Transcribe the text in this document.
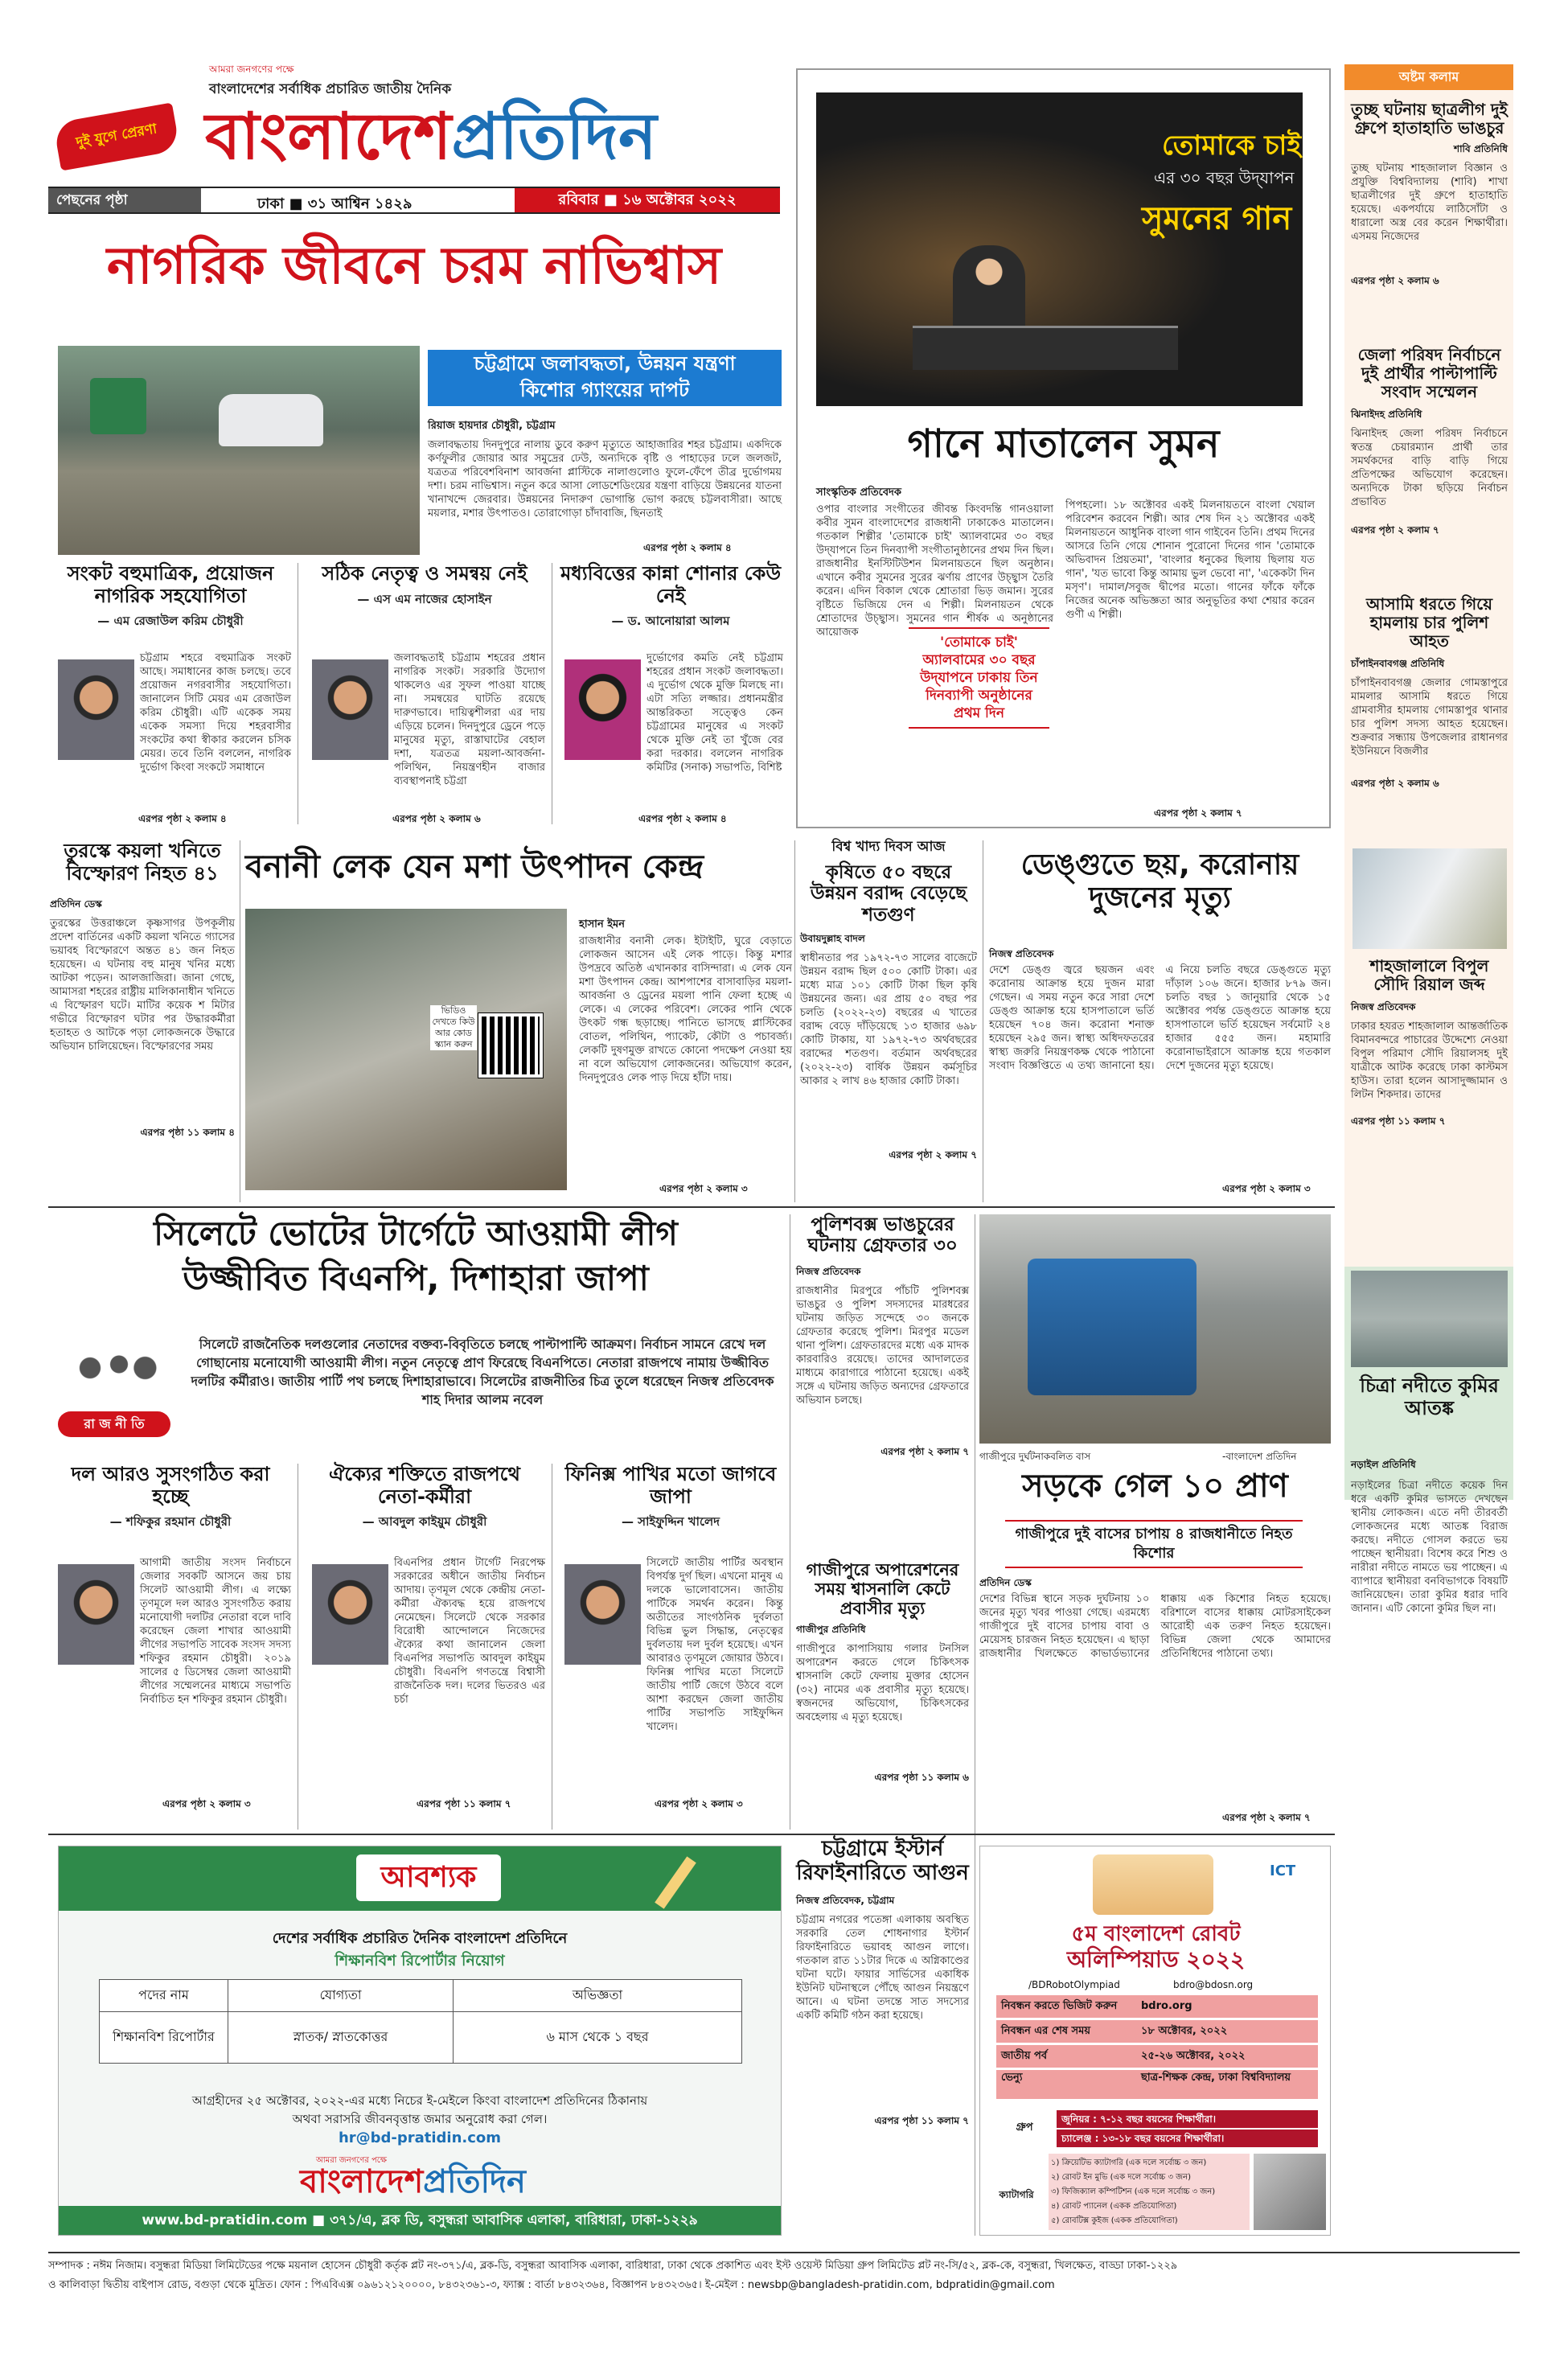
আমরা জনগণের পক্ষে
বাংলাদেশের সর্বাধিক প্রচারিত জাতীয় দৈনিক
দুই যুগে প্রেরণা বাংলাদেশপ্রতিদিন
পেছনের পৃষ্ঠা	ঢাকা ■ ৩১ আশ্বিন ১৪২৯	রবিবার ■ ১৬ অক্টোবর ২০২২
নাগরিক জীবনে চরম নাভিশ্বাস
চট্টগ্রামে জলাবদ্ধতা, উন্নয়ন যন্ত্রণা
কিশোর গ্যাংয়ের দাপট
রিয়াজ হায়দার চৌধুরী, চট্টগ্রাম
জলাবদ্ধতায় দিনদুপুরে নালায় ডুবে করুণ মৃত্যুতে আহাজারির শহর চট্টগ্রাম। একদিকে কর্ণফুলীর জোয়ার আর সমুদ্রের ঢেউ, অন্যদিকে বৃষ্টি ও পাহাড়ের ঢলে জলজট, যত্রতত্র পরিবেশবিনাশ আবর্জনা প্লাস্টিকে নালাগুলোও ফুলে-ফেঁপে তীব্র দুর্ভোগময় দশা। চরম নাভিশ্বাস। নতুন করে আসা লোডশেডিংয়ের যন্ত্রণা বাড়িয়ে উন্নয়নের যাতনা খানাখন্দে জেরবার। উন্নয়নের নিদারুণ ভোগান্তি ভোগ করছে চট্টলবাসীরা। আছে ময়লার, মশার উৎপাতও। তোরাগোড়া চাঁদাবাজি, ছিনতাই
এরপর পৃষ্ঠা ২ কলাম ৪
সংকট বহুমাত্রিক, প্রয়োজন নাগরিক সহযোগিতা
— এম রেজাউল করিম চৌধুরী
চট্টগ্রাম শহরে বহুমাত্রিক সংকট আছে। সমাধানের কাজ চলছে। তবে প্রয়োজন নগরবাসীর সহযোগিতা। জানালেন সিটি মেয়র এম রেজাউল করিম চৌধুরী। এটি একেক সময় একেক সমস্যা দিয়ে শহরবাসীর সংকটের কথা স্বীকার করলেন চসিক মেয়র। তবে তিনি বললেন, নাগরিক দুর্ভোগ কিংবা সংকটে সমাধানে
এরপর পৃষ্ঠা ২ কলাম ৪
সঠিক নেতৃত্ব ও সমন্বয় নেই
— এস এম নাজের হোসাইন
জলাবদ্ধতাই চট্টগ্রাম শহরের প্রধান নাগরিক সংকট। সরকারি উদ্যোগ থাকলেও এর সুফল পাওয়া যাচ্ছে না। সমন্বয়ের ঘাটতি রয়েছে দারুণভাবে। দায়িত্বশীলরা এর দায় এড়িয়ে চলেন। দিনদুপুরে ড্রেনে পড়ে মানুষের মৃত্যু, রাস্তাঘাটের বেহাল দশা, যত্রতত্র ময়লা-আবর্জনা-পলিথিন, নিয়ন্ত্রণহীন বাজার ব্যবস্থাপনাই চট্টগ্রা
এরপর পৃষ্ঠা ২ কলাম ৬
মধ্যবিত্তের কান্না শোনার কেউ নেই
— ড. আনোয়ারা আলম
দুর্ভোগের কমতি নেই চট্টগ্রাম শহরের প্রধান সংকট জলাবদ্ধতা। এ দুর্ভোগ থেকে মুক্তি মিলছে না। এটা সত্যি লজ্জার। প্রধানমন্ত্রীর আন্তরিকতা সত্ত্বেও কেন চট্টগ্রামের মানুষের এ সংকট থেকে মুক্তি নেই তা খুঁজে বের করা দরকার। বললেন নাগরিক কমিটির (সনাক) সভাপতি, বিশিষ্ট
এরপর পৃষ্ঠা ২ কলাম ৪
তোমাকে চাই
এর ৩০ বছর উদ্‌যাপন
সুমনের গান
গানে মাতালেন সুমন
সাংস্কৃতিক প্রতিবেদক
ওপার বাংলার সংগীতের জীবন্ত কিংবদন্তি গানওয়ালা কবীর সুমন বাংলাদেশের রাজধানী ঢাকাকেও মাতালেন। গতকাল শিল্পীর 'তোমাকে চাই' অ্যালবামের ৩০ বছর উদ্‌যাপনে তিন দিনব্যাপী সংগীতানুষ্ঠানের প্রথম দিন ছিল। রাজধানীর ইনস্টিটিউশন মিলনায়তনে ছিল অনুষ্ঠান। এখানে কবীর সুমনের সুরের ঝর্ণায় প্রাণের উচ্ছ্বাস তৈরি করেন। এদিন বিকাল থেকে শ্রোতারা ভিড় জমান। সুরের বৃষ্টিতে ভিজিয়ে দেন এ শিল্পী। মিলনায়তন থেকে শ্রোতাদের উচ্ছ্বাস। সুমনের গান শীর্ষক এ অনুষ্ঠানের আয়োজক
'তোমাকে চাই' অ্যালবামের ৩০ বছর উদ্‌যাপনে ঢাকায় তিন দিনব্যাপী অনুষ্ঠানের প্রথম দিন
পিপহলো। ১৮ অক্টোবর একই মিলনায়তনে বাংলা খেয়াল পরিবেশন করবেন শিল্পী। আর শেষ দিন ২১ অক্টোবর একই মিলনায়তনে আধুনিক বাংলা গান গাইবেন তিনি। প্রথম দিনের আসরে তিনি গেয়ে শোনান পুরোনো দিনের গান 'তোমাকে অভিবাদন প্রিয়তমা', 'বাংলার ধনুকের ছিলায় ছিলায় যত গান', 'যত ভাবো কিন্তু আমায় ভুল ভেবো না', 'একেকটা দিন মসৃণ'। দামাল/সবুজ দ্বীপের মতো। গানের ফাঁকে ফাঁকে নিজের অনেক অভিজ্ঞতা আর অনুভূতির কথা শেয়ার করেন গুণী এ শিল্পী।
এরপর পৃষ্ঠা ২ কলাম ৭
অষ্টম কলাম
তুচ্ছ ঘটনায় ছাত্রলীগ দুই গ্রুপে হাতাহাতি ভাঙচুর
শাবি প্রতিনিধি
তুচ্ছ ঘটনায় শাহজালাল বিজ্ঞান ও প্রযুক্তি বিশ্ববিদ্যালয় (শাবি) শাখা ছাত্রলীগের দুই গ্রুপে হাতাহাতি হয়েছে। একপর্যায়ে লাঠিসোঁটা ও ধারালো অস্ত্র বের করেন শিক্ষার্থীরা। এসময় নিজেদের
এরপর পৃষ্ঠা ২ কলাম ৬
জেলা পরিষদ নির্বাচনে দুই প্রার্থীর পাল্টাপাল্টি সংবাদ সম্মেলন
ঝিনাইদহ প্রতিনিধি
ঝিনাইদহ জেলা পরিষদ নির্বাচনে স্বতন্ত্র চেয়ারম্যান প্রার্থী তার সমর্থকদের বাড়ি বাড়ি গিয়ে প্রতিপক্ষের অভিযোগ করেছেন। অন্যদিকে টাকা ছড়িয়ে নির্বাচন প্রভাবিত
এরপর পৃষ্ঠা ২ কলাম ৭
আসামি ধরতে গিয়ে হামলায় চার পুলিশ আহত
চাঁপাইনবাবগঞ্জ প্রতিনিধি
চাঁপাইনবাবগঞ্জ জেলার গোমস্তাপুরে মামলার আসামি ধরতে গিয়ে গ্রামবাসীর হামলায় গোমস্তাপুর থানার চার পুলিশ সদস্য আহত হয়েছেন। শুক্রবার সন্ধ্যায় উপজেলার রাধানগর ইউনিয়নে বিজলীর
এরপর পৃষ্ঠা ২ কলাম ৬
শাহজালালে বিপুল সৌদি রিয়াল জব্দ
নিজস্ব প্রতিবেদক
ঢাকার হযরত শাহজালাল আন্তর্জাতিক বিমানবন্দরে পাচারের উদ্দেশ্যে নেওয়া বিপুল পরিমাণ সৌদি রিয়ালসহ দুই যাত্রীকে আটক করেছে ঢাকা কাস্টমস হাউস। তারা হলেন আসাদুজ্জামান ও লিটন শিকদার। তাদের
এরপর পৃষ্ঠা ১১ কলাম ৭
চিত্রা নদীতে কুমির আতঙ্ক
নড়াইল প্রতিনিধি
নড়াইলের চিত্রা নদীতে কয়েক দিন ধরে একটি কুমির ভাসতে দেখছেন স্থানীয় লোকজন। এতে নদী তীরবর্তী লোকজনের মধ্যে আতঙ্ক বিরাজ করছে। নদীতে গোসল করতে ভয় পাচ্ছেন স্থানীয়রা। বিশেষ করে শিশু ও নারীরা নদীতে নামতে ভয় পাচ্ছেন। এ ব্যাপারে স্থানীয়রা বনবিভাগকে বিষয়টি জানিয়েছেন। তারা কুমির ধরার দাবি জানান। এটি কোনো কুমির ছিল না।
তুরস্কে কয়লা খনিতে বিস্ফোরণ নিহত ৪১
প্রতিদিন ডেস্ক
তুরস্কের উত্তরাঞ্চলে কৃষ্ণসাগর উপকূলীয় প্রদেশ বার্তিনের একটি কয়লা খনিতে গ্যাসের ভয়াবহ বিস্ফোরণে অন্তত ৪১ জন নিহত হয়েছেন। এ ঘটনায় বহু মানুষ খনির মধ্যে আটকা পড়েন। আলজাজিরা। জানা গেছে, আমাসরা শহরের রাষ্ট্রীয় মালিকানাধীন খনিতে এ বিস্ফোরণ ঘটে। মাটির কয়েক শ মিটার গভীরে বিস্ফোরণ ঘটার পর উদ্ধারকর্মীরা হতাহত ও আটকে পড়া লোকজনকে উদ্ধারে অভিযান চালিয়েছেন। বিস্ফোরণের সময়
এরপর পৃষ্ঠা ১১ কলাম ৪
বনানী লেক যেন মশা উৎপাদন কেন্দ্র
ভিডিও দেখতে কিউ আর কোড স্ক্যান করুন
হাসান ইমন
রাজধানীর বনানী লেক। ইটাইটি, ঘুরে বেড়াতে লোকজন আসেন এই লেক পাড়ে। কিন্তু মশার উপদ্রবে অতিষ্ঠ এখানকার বাসিন্দারা। এ লেক যেন মশা উৎপাদন কেন্দ্র। আশপাশের বাসাবাড়ির ময়লা-আবর্জনা ও ড্রেনের ময়লা পানি ফেলা হচ্ছে এ লেকে। এ লেকের পরিবেশ। লেকের পানি থেকে উৎকট গন্ধ ছড়াচ্ছে। পানিতে ভাসছে প্লাস্টিকের বোতল, পলিথিন, প্যাকেট, কৌটা ও পচাবর্জ্য। লেকটি দুষণমুক্ত রাখতে কোনো পদক্ষেপ নেওয়া হয় না বলে অভিযোগ লোকজনের। অভিযোগ করেন, দিনদুপুরেও লেক পাড় দিয়ে হাঁটা দায়।
এরপর পৃষ্ঠা ২ কলাম ৩
বিশ্ব খাদ্য দিবস আজ
কৃষিতে ৫০ বছরে উন্নয়ন বরাদ্দ বেড়েছে শতগুণ
উবায়দুল্লাহ বাদল
স্বাধীনতার পর ১৯৭২-৭৩ সালের বাজেটে উন্নয়ন বরাদ্দ ছিল ৫০০ কোটি টাকা। এর মধ্যে মাত্র ১০১ কোটি টাকা ছিল কৃষি উন্নয়নের জন্য। এর প্রায় ৫০ বছর পর চলতি (২০২২-২৩) বছরের এ খাতের বরাদ্দ বেড়ে দাঁড়িয়েছে ১৩ হাজার ৬৯৮ কোটি টাকায়, যা ১৯৭২-৭৩ অর্থবছরের বরাদ্দের শতগুণ। বর্তমান অর্থবছরের (২০২২-২৩) বার্ষিক উন্নয়ন কর্মসূচির আকার ২ লাখ ৪৬ হাজার কোটি টাকা।
এরপর পৃষ্ঠা ২ কলাম ৭
ডেঙ্গুতে ছয়, করোনায় দুজনের মৃত্যু
নিজস্ব প্রতিবেদক
দেশে ডেঙ্গু জ্বরে ছয়জন এবং করোনায় আক্রান্ত হয়ে দুজন মারা গেছেন। এ সময় নতুন করে সারা দেশে ডেঙ্গু আক্রান্ত হয়ে হাসপাতালে ভর্তি হয়েছেন ৭০৪ জন। করোনা শনাক্ত হয়েছেন ২৯৫ জন। স্বাস্থ্য অধিদফতরের স্বাস্থ্য জরুরি নিয়ন্ত্রণকক্ষ থেকে পাঠানো সংবাদ বিজ্ঞপ্তিতে এ তথ্য জানানো হয়। এ নিয়ে চলতি বছরে ডেঙ্গুতে মৃত্যু দাঁড়াল ১০৬ জনে। হাজার ৮৭৯ জন। চলতি বছর ১ জানুয়ারি থেকে ১৫ অক্টোবর পর্যন্ত ডেঙ্গুতে আক্রান্ত হয়ে হাসপাতালে ভর্তি হয়েছেন সর্বমোট ২৪ হাজার ৫৫৫ জন। মহামারি করোনাভাইরাসে আক্রান্ত হয়ে গতকাল দেশে দুজনের মৃত্যু হয়েছে।
এরপর পৃষ্ঠা ২ কলাম ৩
সিলেটে ভোটের টার্গেটে আওয়ামী লীগ
উজ্জীবিত বিএনপি, দিশাহারা জাপা
রা জ নী তি
সিলেটে রাজনৈতিক দলগুলোর নেতাদের বক্তব্য-বিবৃতিতে চলছে পাল্টাপাল্টি আক্রমণ। নির্বাচন সামনে রেখে দল গোছানোয় মনোযোগী আওয়ামী লীগ। নতুন নেতৃত্বে প্রাণ ফিরেছে বিএনপিতে। নেতারা রাজপথে নামায় উজ্জীবিত দলটির কর্মীরাও। জাতীয় পার্টি পথ চলছে দিশাহারাভাবে। সিলেটের রাজনীতির চিত্র তুলে ধরেছেন নিজস্ব প্রতিবেদক শাহ দিদার আলম নবেল
দল আরও সুসংগঠিত করা হচ্ছে
— শফিকুর রহমান চৌধুরী
আগামী জাতীয় সংসদ নির্বাচনে জেলার সবকটি আসনে জয় চায় সিলেট আওয়ামী লীগ। এ লক্ষ্যে তৃণমূলে দল আরও সুসংগঠিত করায় মনোযোগী দলটির নেতারা বলে দাবি করেছেন জেলা শাখার আওয়ামী লীগের সভাপতি সাবেক সংসদ সদস্য শফিকুর রহমান চৌধুরী। ২০১৯ সালের ৫ ডিসেম্বর জেলা আওয়ামী লীগের সম্মেলনের মাধ্যমে সভাপতি নির্বাচিত হন শফিকুর রহমান চৌধুরী।
এরপর পৃষ্ঠা ২ কলাম ৩
ঐক্যের শক্তিতে রাজপথে নেতা-কর্মীরা
— আবদুল কাইয়ুম চৌধুরী
বিএনপির প্রধান টার্গেট নিরপেক্ষ সরকারের অধীনে জাতীয় নির্বাচন আদায়। তৃণমূল থেকে কেন্দ্রীয় নেতা-কর্মীরা ঐক্যবদ্ধ হয়ে রাজপথে নেমেছেন। সিলেটে থেকে সরকার বিরোধী আন্দোলনে নিজেদের ঐক্যের কথা জানালেন জেলা বিএনপির সভাপতি আবদুল কাইয়ুম চৌধুরী। বিএনপি গণতন্ত্রে বিশ্বাসী রাজনৈতিক দল। দলের ভিতরও এর চর্চা
এরপর পৃষ্ঠা ১১ কলাম ৭
ফিনিক্স পাখির মতো জাগবে জাপা
— সাইফুদ্দিন খালেদ
সিলেটে জাতীয় পার্টির অবস্থান বিপর্যস্ত দুর্গ ছিল। এখনো মানুষ এ দলকে ভালোবাসেন। জাতীয় পার্টিকে সমর্থন করেন। কিন্তু অতীতের সাংগঠনিক দুর্বলতা বিভিন্ন ভুল সিদ্ধান্ত, নেতৃত্বের দুর্বলতায় দল দুর্বল হয়েছে। এখন আবারও তৃণমূলে জোয়ার উঠবে। ফিনিক্স পাখির মতো সিলেটে জাতীয় পার্টি জেগে উঠবে বলে আশা করছেন জেলা জাতীয় পার্টির সভাপতি সাইফুদ্দিন খালেদ।
এরপর পৃষ্ঠা ২ কলাম ৩
পুলিশবক্স ভাঙচুরের ঘটনায় গ্রেফতার ৩০
নিজস্ব প্রতিবেদক
রাজধানীর মিরপুরে পাঁচটি পুলিশবক্স ভাঙচুর ও পুলিশ সদস্যদের মারধরের ঘটনায় জড়িত সন্দেহে ৩০ জনকে গ্রেফতার করেছে পুলিশ। মিরপুর মডেল থানা পুলিশ। গ্রেফতারদের মধ্যে এক মাদক কারবারিও রয়েছে। তাদের আদালতের মাধ্যমে কারাগারে পাঠানো হয়েছে। একই সঙ্গে এ ঘটনায় জড়িত অন্যদের গ্রেফতারে অভিযান চলছে।
এরপর পৃষ্ঠা ২ কলাম ৭
গাজীপুরে অপারেশনের সময় শ্বাসনালি কেটে প্রবাসীর মৃত্যু
গাজীপুর প্রতিনিধি
গাজীপুরে কাপাসিয়ায় গলার টনসিল অপারেশন করতে গেলে চিকিৎসক শ্বাসনালি কেটে ফেলায় মুক্তার হোসেন (৩২) নামের এক প্রবাসীর মৃত্যু হয়েছে। স্বজনদের অভিযোগ, চিকিৎসকের অবহেলায় এ মৃত্যু হয়েছে।
এরপর পৃষ্ঠা ১১ কলাম ৬
চট্টগ্রামে ইস্টার্ন রিফাইনারিতে আগুন
নিজস্ব প্রতিবেদক, চট্টগ্রাম
চট্টগ্রাম নগরের পতেঙ্গা এলাকায় অবস্থিত সরকারি তেল শোধনাগার ইস্টার্ন রিফাইনারিতে ভয়াবহ আগুন লাগে। গতকাল রাত ১১টার দিকে এ অগ্নিকাণ্ডের ঘটনা ঘটে। ফায়ার সার্ভিসের একাধিক ইউনিট ঘটনাস্থলে পৌঁছে আগুন নিয়ন্ত্রণে আনে। এ ঘটনা তদন্তে সাত সদস্যের একটি কমিটি গঠন করা হয়েছে।
এরপর পৃষ্ঠা ১১ কলাম ৭
গাজীপুরে দুর্ঘটনাকবলিত বাস	-বাংলাদেশ প্রতিদিন
সড়কে গেল ১০ প্রাণ
গাজীপুরে দুই বাসের চাপায় ৪ রাজধানীতে নিহত কিশোর
প্রতিদিন ডেস্ক
দেশের বিভিন্ন স্থানে সড়ক দুর্ঘটনায় ১০ জনের মৃত্যু খবর পাওয়া গেছে। এরমধ্যে গাজীপুরে দুই বাসের চাপায় বাবা ও মেয়েসহ চারজন নিহত হয়েছেন। এ ছাড়া রাজধানীর খিলক্ষেতে কাভার্ডভ্যানের ধাক্কায় এক কিশোর নিহত হয়েছে। বরিশালে বাসের ধাক্কায় মোটরসাইকেল আরোহী এক তরুণ নিহত হয়েছেন। বিভিন্ন জেলা থেকে আমাদের প্রতিনিধিদের পাঠানো তথ্য।
এরপর পৃষ্ঠা ২ কলাম ৭
আবশ্যক
দেশের সর্বাধিক প্রচারিত দৈনিক বাংলাদেশ প্রতিদিনে
শিক্ষানবিশ রিপোর্টার নিয়োগ
পদের নাম	যোগ্যতা	অভিজ্ঞতা
শিক্ষানবিশ রিপোর্টার	স্নাতক/ স্নাতকোত্তর	৬ মাস থেকে ১ বছর
আগ্রহীদের ২৫ অক্টোবর, ২০২২-এর মধ্যে নিচের ই-মেইলে কিংবা বাংলাদেশ প্রতিদিনের ঠিকানায়
অথবা সরাসরি জীবনবৃত্তান্ত জমার অনুরোধ করা গেল।
hr@bd-pratidin.com
আমরা জনগণের পক্ষে
বাংলাদেশপ্রতিদিন
www.bd-pratidin.com ■ ৩৭১/এ, ব্লক ডি, বসুন্ধরা আবাসিক এলাকা, বারিধারা, ঢাকা-১২২৯
ICT
৫ম বাংলাদেশ রোবট
অলিম্পিয়াড ২০২২
/BDRobotOlympiad	bdro@bdosn.org
নিবন্ধন করতে ভিজিট করুন	bdro.org
নিবন্ধন এর শেষ সময়	১৮ অক্টোবর, ২০২২
জাতীয় পর্ব	২৫-২৬ অক্টোবর, ২০২২
ভেন্যু	ছাত্র-শিক্ষক কেন্দ্র, ঢাকা বিশ্ববিদ্যালয়
গ্রুপ
জুনিয়র : ৭-১২ বছর বয়সের শিক্ষার্থীরা।
চ্যালেঞ্জ : ১৩-১৮ বছর বয়সের শিক্ষার্থীরা।
ক্যাটাগরি
১) ক্রিয়েটিভ ক্যাটাগরি (এক দলে সর্বোচ্চ ৩ জন)
২) রোবট ইন মুভি (এক দলে সর্বোচ্চ ৩ জন)
৩) ফিজিক্যাল কম্পিটিশন (এক দলে সর্বোচ্চ ৩ জন)
৪) রোবট প্যানেল (একক প্রতিযোগিতা)
৫) রোবটিক্স কুইজ (একক প্রতিযোগিতা)
সম্পাদক : নঈম নিজাম। বসুন্ধরা মিডিয়া লিমিটেডের পক্ষে ময়নাল হোসেন চৌধুরী কর্তৃক প্লট নং-৩৭১/এ, ব্লক-ডি, বসুন্ধরা আবাসিক এলাকা, বারিধারা, ঢাকা থেকে প্রকাশিত এবং ইস্ট ওয়েস্ট মিডিয়া গ্রুপ লিমিটেড প্লট নং-সি/৫২, ব্লক-কে, বসুন্ধরা, খিলক্ষেত, বাড্ডা ঢাকা-১২২৯
ও কালিবাড়া দ্বিতীয় বাইপাস রোড, বগুড়া থেকে মুদ্রিত। ফোন : পিএবিএক্স ০৯৬১২১২০০০০, ৮৪৩২৩৬১-৩, ফ্যাক্স : বার্তা ৮৪৩২৩৬৪, বিজ্ঞাপন ৮৪৩২৩৬৫। ই-মেইল : newsbp@bangladesh-pratidin.com, bdpratidin@gmail.com
